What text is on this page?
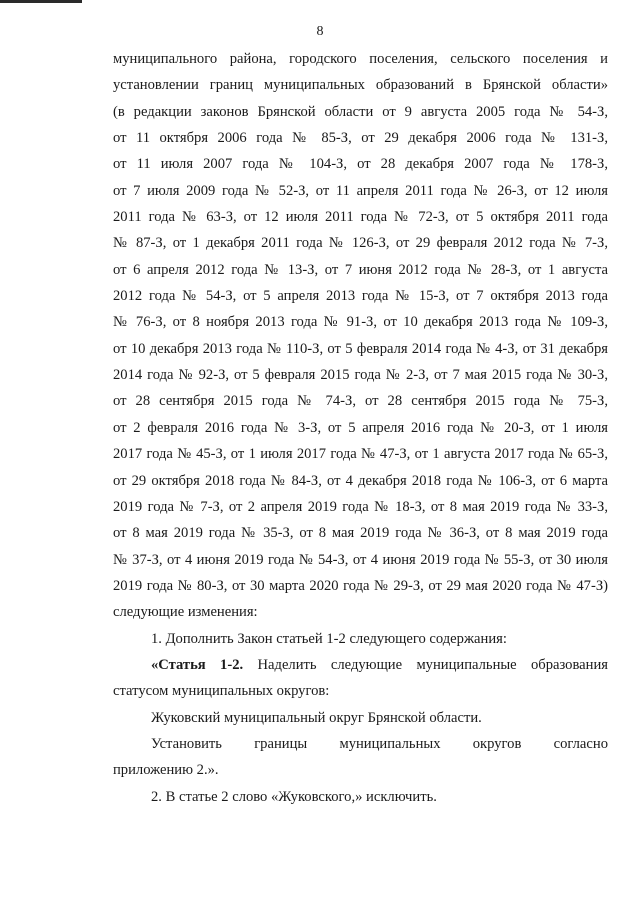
8

муниципального района, городского поселения, сельского поселения и

установлении границ муниципальных образований в Брянской области»

(в редакции законов Брянской области от 9 августа 2005 года № 54-З,

от 11 октября 2006 года № 85-З, от 29 декабря 2006 года № 131-З,

от 11 июля 2007 года № 104-З, от 28 декабря 2007 года № 178-З,

от 7 июля 2009 года № 52-З, от 11 апреля 2011 года № 26-З, от 12 июля

2011 года № 63-З, от 12 июля 2011 года № 72-З, от 5 октября 2011 года

№ 87-З, от 1 декабря 2011 года № 126-З, от 29 февраля 2012 года № 7-З,

от 6 апреля 2012 года № 13-З, от 7 июня 2012 года № 28-З, от 1 августа

2012 года № 54-З, от 5 апреля 2013 года № 15-З, от 7 октября 2013 года

№ 76-З, от 8 ноября 2013 года № 91-З, от 10 декабря 2013 года № 109-З,

от 10 декабря 2013 года № 110-З, от 5 февраля 2014 года № 4-З, от 31 декабря

2014 года № 92-З, от 5 февраля 2015 года № 2-З, от 7 мая 2015 года № 30-З,

от 28 сентября 2015 года № 74-З, от 28 сентября 2015 года № 75-З,

от 2 февраля 2016 года № 3-З, от 5 апреля 2016 года № 20-З, от 1 июля

2017 года № 45-З, от 1 июля 2017 года № 47-З, от 1 августа 2017 года № 65-З,

от 29 октября 2018 года № 84-З, от 4 декабря 2018 года № 106-З, от 6 марта

2019 года № 7-З, от 2 апреля 2019 года № 18-З, от 8 мая 2019 года № 33-З,

от 8 мая 2019 года № 35-З, от 8 мая 2019 года № 36-З, от 8 мая 2019 года

№ 37-З, от 4 июня 2019 года № 54-З, от 4 июня 2019 года № 55-З, от 30 июля

2019 года № 80-З, от 30 марта 2020 года № 29-З, от 29 мая 2020 года № 47-З)

следующие изменения:

1. Дополнить Закон статьей 1-2 следующего содержания:

«Статья 1-2. Наделить следующие муниципальные образования

статусом муниципальных округов:

Жуковский муниципальный округ Брянской области.

Установить границы муниципальных округов согласно

приложению 2.».

2. В статье 2 слово «Жуковского,» исключить.
